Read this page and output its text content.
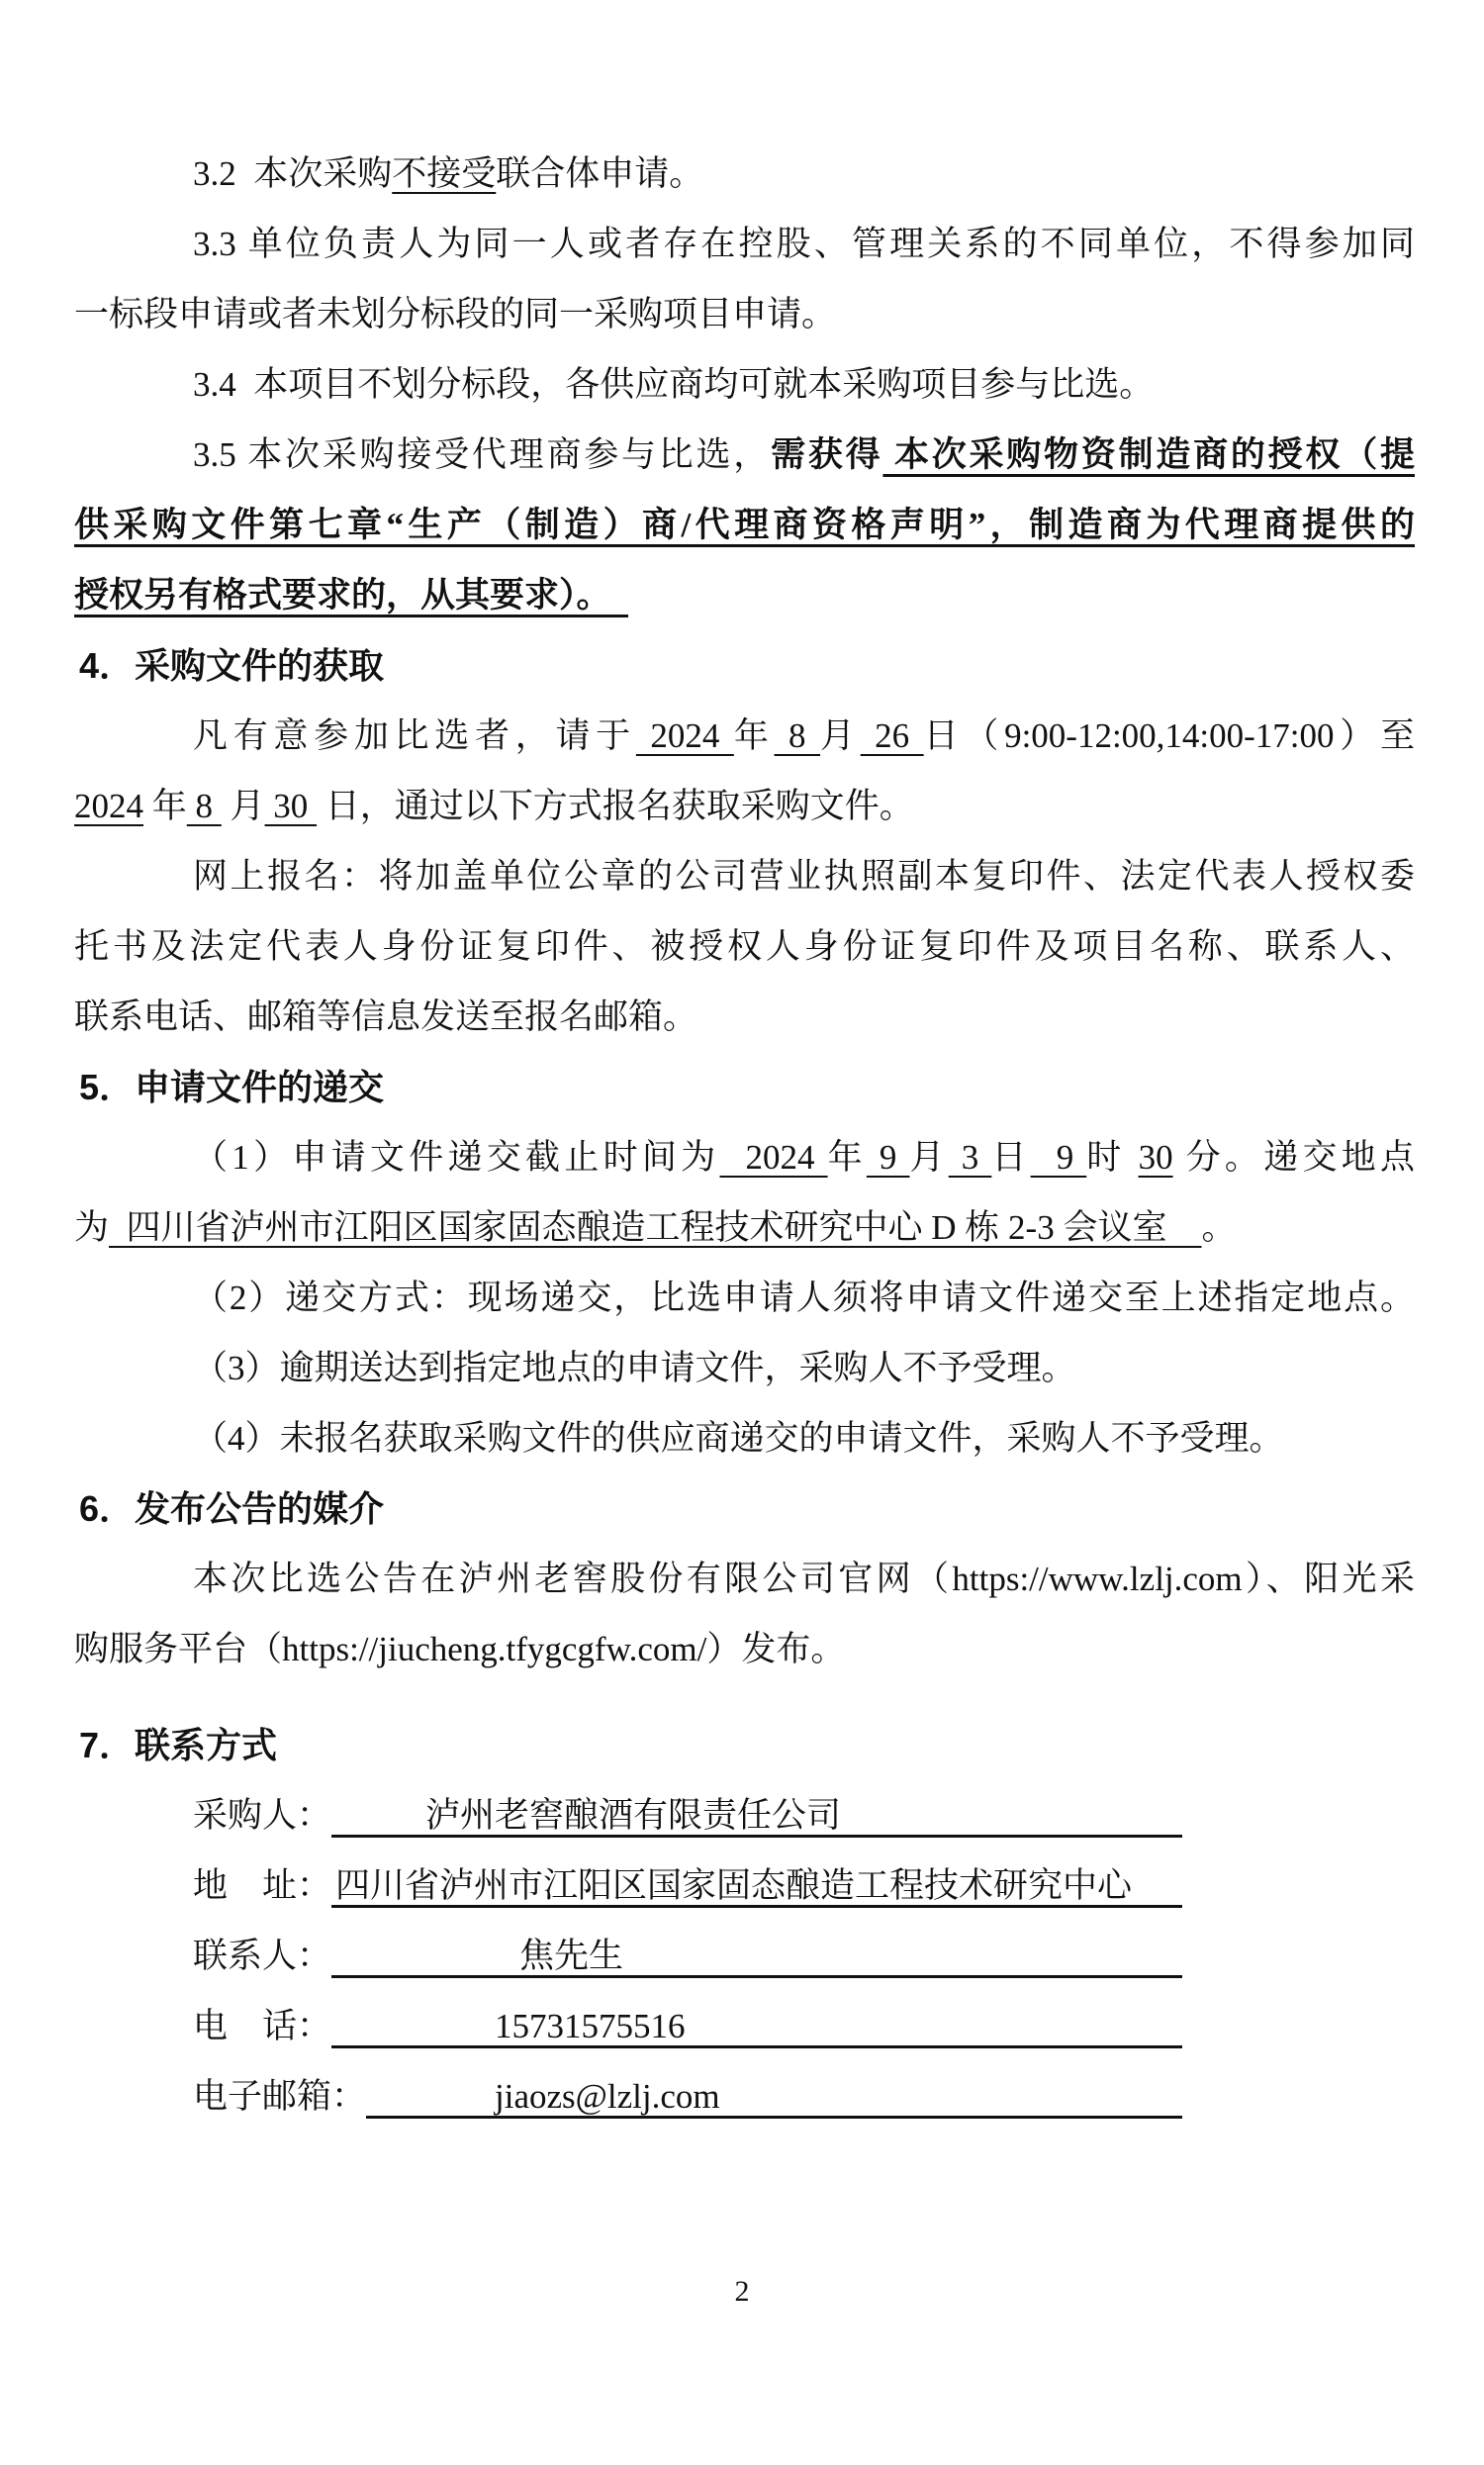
3.2  本次采购不接受联合体申请。
3.3 单位负责人为同一人或者存在控股、管理关系的不同单位，不得参加同
一标段申请或者未划分标段的同一采购项目申请。
3.4  本项目不划分标段，各供应商均可就本采购项目参与比选。
3.5 本次采购接受代理商参与比选，需获得 本次采购物资制造商的授权（提
供采购文件第七章“生产（制造）商/代理商资格声明”，制造商为代理商提供的
授权另有格式要求的，从其要求）。
4．采购文件的获取
凡有意参加比选者，请于 2024 年 8 月 26 日（9:00-12:00,14:00-17:00）至
2024 年 8  月 30  日，通过以下方式报名获取采购文件。
网上报名：将加盖单位公章的公司营业执照副本复印件、法定代表人授权委
托书及法定代表人身份证复印件、被授权人身份证复印件及项目名称、联系人、
联系电话、邮箱等信息发送至报名邮箱。
5．申请文件的递交
（1）申请文件递交截止时间为  2024 年 9 月 3 日  9 时 30 分。递交地点
为  四川省泸州市江阳区国家固态酿造工程技术研究中心 D 栋 2-3 会议室    。
（2）递交方式：现场递交，比选申请人须将申请文件递交至上述指定地点。
（3）逾期送达到指定地点的申请文件，采购人不予受理。
（4）未报名获取采购文件的供应商递交的申请文件，采购人不予受理。
6．发布公告的媒介
本次比选公告在泸州老窖股份有限公司官网（https://www.lzlj.com）、阳光采
购服务平台（https://jiucheng.tfygcgfw.com/）发布。
7．联系方式
采购人：	泸州老窖酿酒有限责任公司
地　址： 四川省泸州市江阳区国家固态酿造工程技术研究中心
联系人：	焦先生
电　话：	15731575516
电子邮箱：	jiaozs@lzlj.com
2
